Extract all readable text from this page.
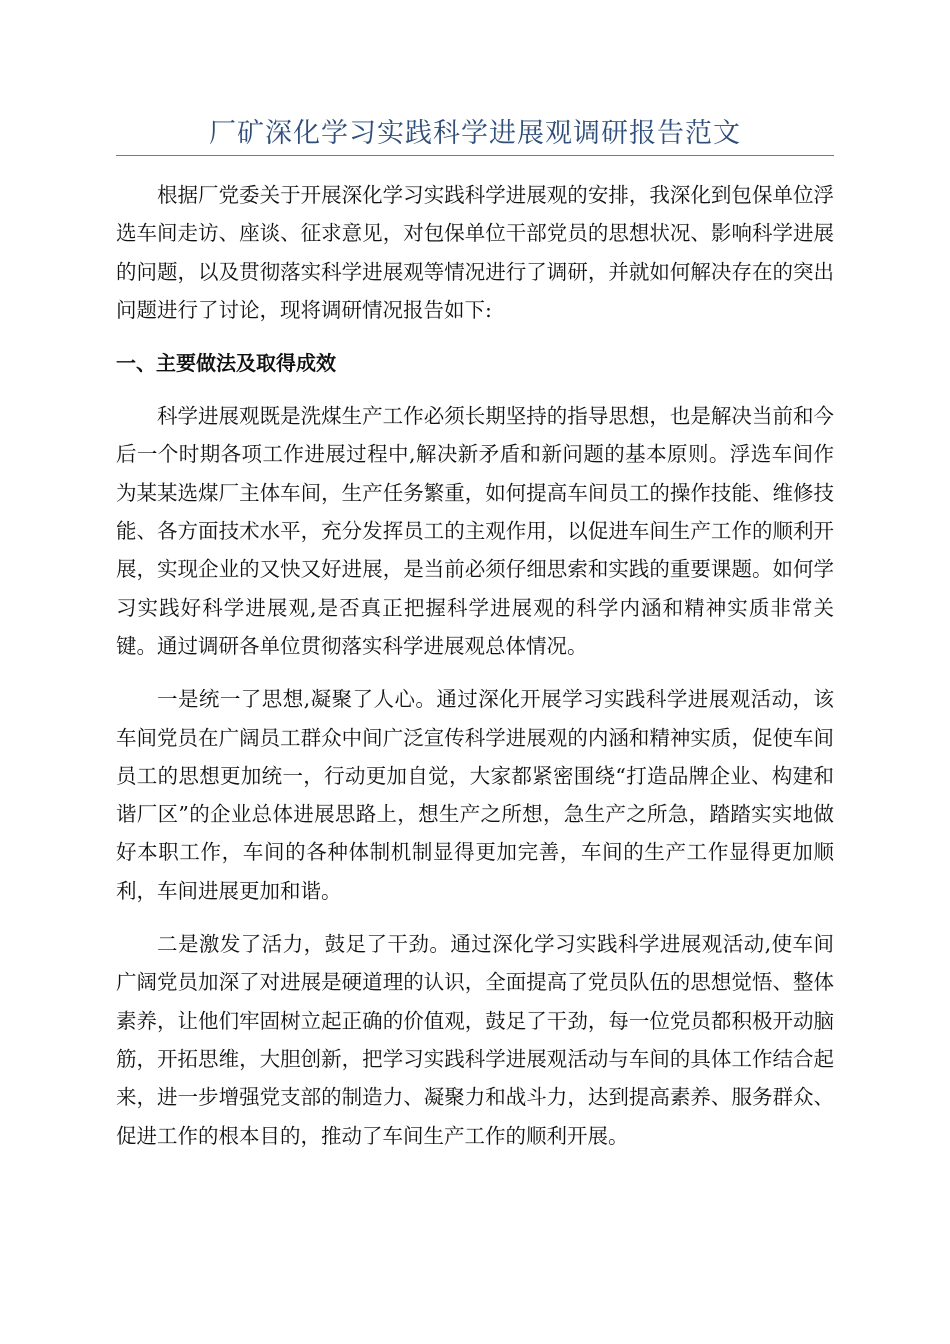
厂矿深化学习实践科学进展观调研报告范文

根据厂党委关于开展深化学习实践科学进展观的安排，我深化到包保单位浮选车间走访、座谈、征求意见，对包保单位干部党员的思想状况、影响科学进展的问题，以及贯彻落实科学进展观等情况进行了调研，并就如何解决存在的突出问题进行了讨论，现将调研情况报告如下:

一、主要做法及取得成效

科学进展观既是洗煤生产工作必须长期坚持的指导思想，也是解决当前和今后一个时期各项工作进展过程中,解决新矛盾和新问题的基本原则。浮选车间作为某某选煤厂主体车间，生产任务繁重，如何提高车间员工的操作技能、维修技能、各方面技术水平，充分发挥员工的主观作用，以促进车间生产工作的顺利开展，实现企业的又快又好进展，是当前必须仔细思索和实践的重要课题。如何学习实践好科学进展观,是否真正把握科学进展观的科学内涵和精神实质非常关键。通过调研各单位贯彻落实科学进展观总体情况。

一是统一了思想,凝聚了人心。通过深化开展学习实践科学进展观活动，该车间党员在广阔员工群众中间广泛宣传科学进展观的内涵和精神实质，促使车间员工的思想更加统一，行动更加自觉，大家都紧密围绕“打造品牌企业、构建和谐厂区”的企业总体进展思路上，想生产之所想，急生产之所急，踏踏实实地做好本职工作，车间的各种体制机制显得更加完善，车间的生产工作显得更加顺利，车间进展更加和谐。

二是激发了活力，鼓足了干劲。通过深化学习实践科学进展观活动,使车间广阔党员加深了对进展是硬道理的认识，全面提高了党员队伍的思想觉悟、整体素养，让他们牢固树立起正确的价值观，鼓足了干劲，每一位党员都积极开动脑筋，开拓思维，大胆创新，把学习实践科学进展观活动与车间的具体工作结合起来，进一步增强党支部的制造力、凝聚力和战斗力，达到提高素养、服务群众、促进工作的根本目的，推动了车间生产工作的顺利开展。
